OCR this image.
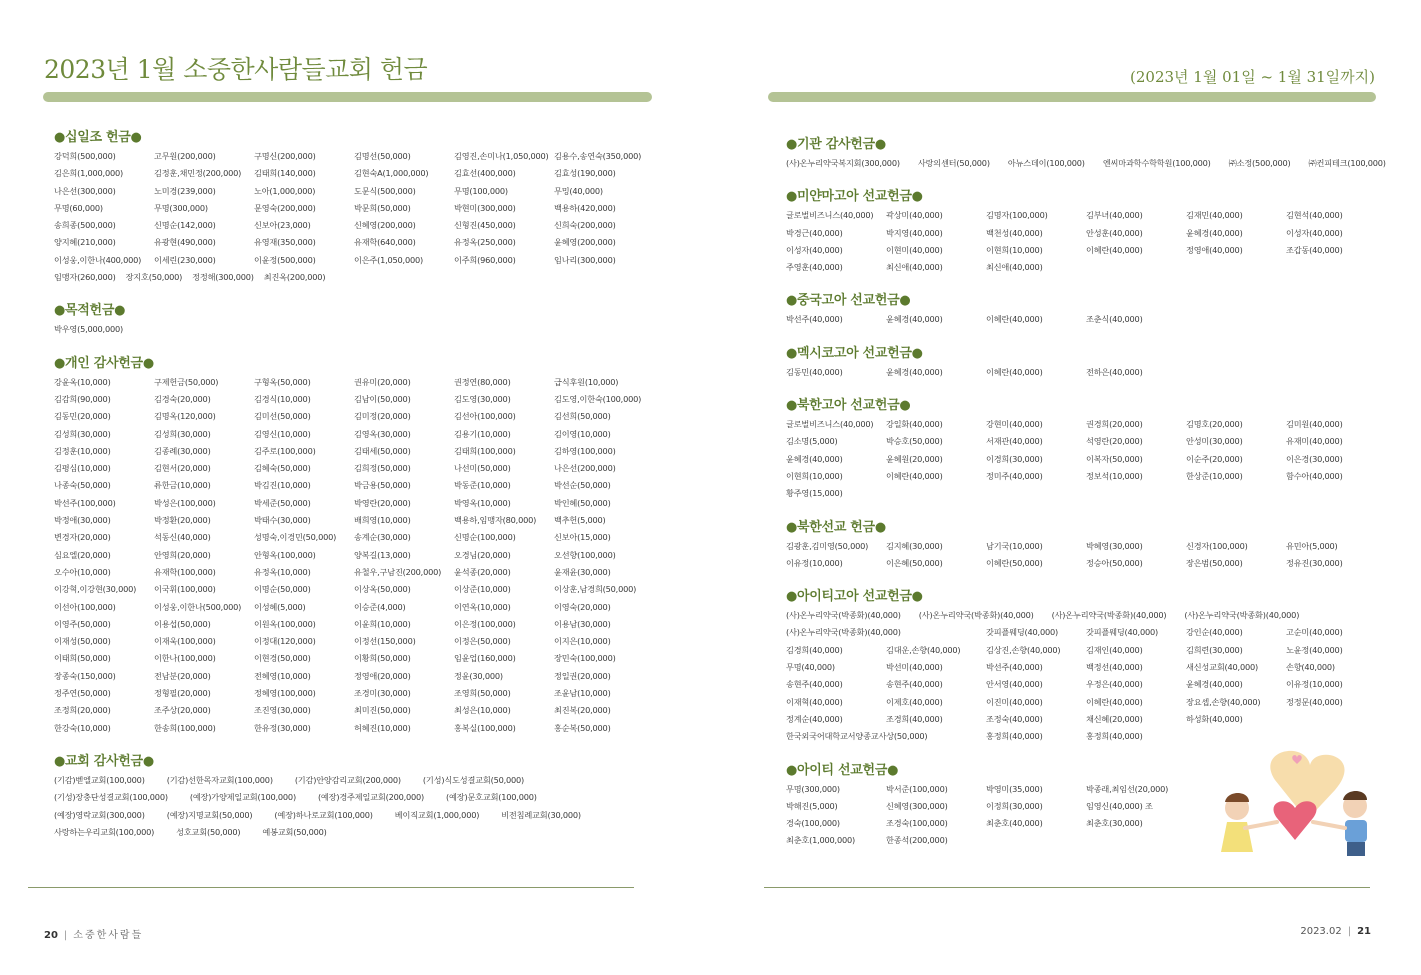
2023년 1월 소중한사람들교회 헌금
●십일조 헌금●
강덕희(500,000)	고무원(200,000)	구명신(200,000)	김명선(50,000)	김영진,손미나(1,050,000) 김용수,송연숙(350,000)
김은희(1,000,000)	김정훈,채민정(200,000)	김태희(140,000)	김현숙A(1,000,000)	김효선(400,000)	김효성(190,000)
나은선(300,000)	노미경(239,000)	노아(1,000,000)	도문식(500,000)	무명(100,000)	무밍(40,000)
무명(60,000)	무명(300,000)	문영숙(200,000)	박문희(50,000)	박현미(300,000)	백용하(420,000)
송희종(500,000)	신명순(142,000)	신보아(23,000)	신혜영(200,000)	신형진(450,000)	신희숙(200,000)
양지혜(210,000)	유광현(490,000)	유영재(350,000)	유재학(640,000)	유정옥(250,000)	윤혜영(200,000)
이성웅,이한나(400,000)	이세린(230,000)	이윤정(500,000)	이은주(1,050,000)	이주희(960,000)	임나리(300,000)
임맹자(260,000) 장지호(50,000) 정정해(300,000) 최진옥(200,000)
●목적헌금●
박우영(5,000,000)
●개인 감사헌금●
강윤옥(10,000)	구제헌금(50,000)	구형옥(50,000)	권유미(20,000)	권정연(80,000)	급식후원(10,000)
김감희(90,000)	김경숙(20,000)	김경식(10,000)	김남이(50,000)	김도영(30,000)	김도영,이한숙(100,000)
김동민(20,000)	김명옥(120,000)	김미선(50,000)	김미정(20,000)	김선아(100,000)	김선희(50,000)
김성희(30,000)	김성희(30,000)	김영신(10,000)	김영옥(30,000)	김용기(10,000)	김이영(10,000)
김정훈(10,000)	김종례(30,000)	김주로(100,000)	김태세(50,000)	김태희(100,000)	김하영(100,000)
김평심(10,000)	김현서(20,000)	김혜숙(50,000)	김희정(50,000)	나선미(50,000)	나은선(200,000)
나종숙(50,000)	류한금(10,000)	박김진(10,000)	박금용(50,000)	박동준(10,000)	박선순(50,000)
박선주(100,000)	박성은(100,000)	박세준(50,000)	박영란(20,000)	박영옥(10,000)	박인혜(50,000)
박정애(30,000)	박정환(20,000)	박태수(30,000)	배희영(10,000)	백용하,임맹자(80,000)	백추헌(5,000)
변경자(20,000)	석동신(40,000)	성명숙,이경민(50,000)	송계순(30,000)	신명순(100,000)	신보아(15,000)
심요엘(20,000)	안영희(20,000)	안형옥(100,000)	양복길(13,000)	오경님(20,000)	오선향(100,000)
오수아(10,000)	유재학(100,000)	유정옥(10,000)	유철우,구남진(200,000)	윤석종(20,000)	윤재윤(30,000)
이강혁,이강현(30,000)	이국휘(100,000)	이명순(50,000)	이상옥(50,000)	이상준(10,000)	이상훈,남경희(50,000)
이선아(100,000)	이성웅,이한나(500,000)	이성혜(5,000)	이승준(4,000)	이연옥(10,000)	이영숙(20,000)
이영주(50,000)	이용섭(50,000)	이원옥(100,000)	이윤희(10,000)	이은정(100,000)	이용남(30,000)
이재성(50,000)	이재욱(100,000)	이정대(120,000)	이정선(150,000)	이정은(50,000)	이지은(10,000)
이태희(50,000)	이한나(100,000)	이현경(50,000)	이황희(50,000)	임윤업(160,000)	장민숙(100,000)
장종숙(150,000)	전남분(20,000)	전혜영(10,000)	정영애(20,000)	정윤(30,000)	정일권(20,000)
정주연(50,000)	정형필(20,000)	정혜영(100,000)	조경미(30,000)	조영희(50,000)	조윤남(10,000)
조정희(20,000)	조주상(20,000)	조진영(30,000)	최미진(50,000)	최성은(10,000)	최진복(20,000)
한강숙(10,000)	한송희(100,000)	한유정(30,000)	허혜진(10,000)	홍복실(100,000)	홍순복(50,000)
●교회 감사헌금●
(기감)벧엘교회(100,000)	(기감)선한목자교회(100,000)	(기감)안양감리교회(200,000)	(기성)식도성결교회(50,000)
(기성)장충단성결교회(100,000)	(예장)가양제일교회(100,000)	(예장)경주제일교회(200,000)	(예장)문호교회(100,000)
(예장)영락교회(300,000)	(예장)지명교회(50,000)	(예장)하나로교회(100,000)	베이직교회(1,000,000)	비전침례교회(30,000)
사랑하는우리교회(100,000)	성호교회(50,000)	예봉교회(50,000)
20 | 소중한사람들
(2023년 1월 01일 ~ 1월 31일까지)
●기관 감사헌금●
(사)온누리약국복지회(300,000) 사랑의센터(50,000) 아뉴스데이(100,000) 엔씨마과학수학학원(100,000) ㈜소정(500,000) ㈜컨피테크(100,000)
●미얀마고아 선교헌금●
글로벌비즈니스(40,000)	곽상미(40,000)	김명자(100,000)	김부녀(40,000)	김재민(40,000)	김현석(40,000)
박경근(40,000)	박지영(40,000)	백천성(40,000)	안성훈(40,000)	윤혜경(40,000)	이성자(40,000)
이성자(40,000)	이현미(40,000)	이현희(10,000)	이혜란(40,000)	정영애(40,000)	조갑동(40,000)
주영훈(40,000)	최신애(40,000)	최신애(40,000)
●중국고아 선교헌금●
박선주(40,000)	윤혜경(40,000)	이혜란(40,000)	조춘식(40,000)
●멕시코고아 선교헌금●
김동민(40,000)	윤혜경(40,000)	이혜란(40,000)	전하은(40,000)
●북한고아 선교헌금●
글로벌비즈니스(40,000)	강일화(40,000)	강현미(40,000)	권경희(20,000)	김명호(20,000)	김미원(40,000)
김소명(5,000)	박승호(50,000)	서재관(40,000)	석영란(20,000)	안성미(30,000)	유재미(40,000)
윤혜경(40,000)	윤혜원(20,000)	이경희(30,000)	이복자(50,000)	이순주(20,000)	이은경(30,000)
이현희(10,000)	이혜란(40,000)	정미주(40,000)	정보석(10,000)	한상준(10,000)	함수아(40,000)
황주영(15,000)
●북한선교 헌금●
김광훈,김미영(50,000)	김지혜(30,000)	남기국(10,000)	박혜영(30,000)	신경자(100,000)	유민아(5,000)
이유정(10,000)	이은혜(50,000)	이혜란(50,000)	정승아(50,000)	장은범(50,000)	정유진(30,000)
●아이티고아 선교헌금●
(사)온누리약국(박종화)(40,000) (사)온누리약국(박종화)(40,000) (사)온누리약국(박종화)(40,000) (사)온누리약국(박종화)(40,000)
(사)온누리약국(박종화)(40,000)	갓피플웨딩(40,000)	갓피플웨딩(40,000)	강인순(40,000)	고순미(40,000)
김경희(40,000)	김대운,손향(40,000)	김상진,손향(40,000)	김재인(40,000)	김희련(30,000)	노윤정(40,000)
무명(40,000)	박선미(40,000)	박선주(40,000)	백정선(40,000)	새신성교회(40,000)	손향(40,000)
송현주(40,000)	송현주(40,000)	안서영(40,000)	우정은(40,000)	윤혜경(40,000)	이유정(10,000)
이재혁(40,000)	이제호(40,000)	이진미(40,000)	이혜란(40,000)	장요셉,손향(40,000)	정정문(40,000)
정계순(40,000)	조경희(40,000)	조정숙(40,000)	채신혜(20,000)	하성화(40,000)
한국외국어대학교서양종교사상(50,000)	홍정희(40,000)	홍정희(40,000)
●아이티 선교헌금●
무명(300,000)	박서준(100,000)	박영미(35,000)	박종래,최임선(20,000)
박해진(5,000)	신혜영(300,000)	이정희(30,000)	임영신(40,000) 조
경숙(100,000)	조경숙(100,000)	최춘호(40,000)	최춘호(30,000)
최춘호(1,000,000)	한종석(200,000)
2023.02 | 21
